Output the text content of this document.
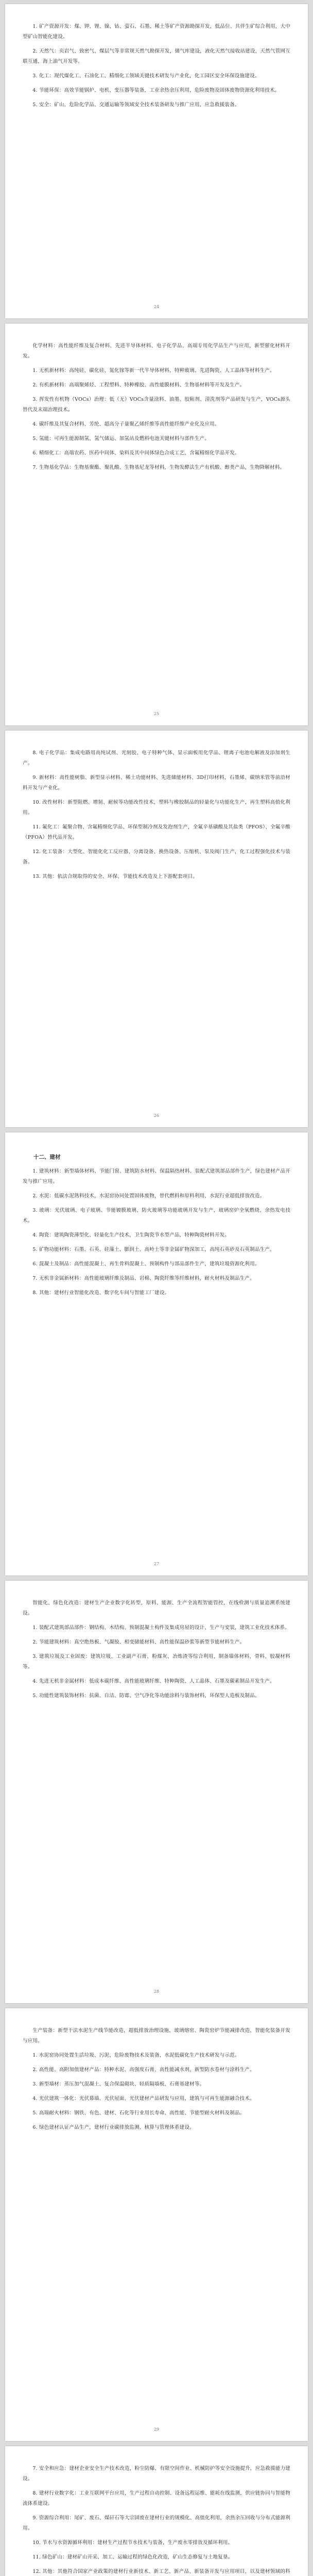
1. 矿产资源开发：煤、钾、锂、镍、钴、萤石、石墨、稀土等矿产资源勘探开发，低品位、共伴生矿综合利用，大中型矿山智能化建设。

2. 天然气：页岩气、致密气、煤层气等非常规天然气勘探开发，储气库建设，液化天然气接收站建设，天然气管网互联互通，海上油气开发等。

3. 化工：现代煤化工、石油化工、精细化工领域关键技术研发与产业化，化工园区安全环保设施建设。

4. 节能环保：高效节能锅炉、电机、变压器等装备，工业余热余压利用，危险废物及固体废物资源化利用技术。

5. 安全：矿山、危险化学品、交通运输等领域安全技术装备研发与推广应用，应急救援装备。

24

化学材料：高性能纤维及复合材料、先进半导体材料、电子化学品、高端专用化学品生产与应用，新型催化材料开发。

1. 无机新材料：高纯硅、碳化硅、氮化镓等新一代半导体材料，特种玻璃、先进陶瓷、人工晶体等材料生产。

2. 有机新材料：高端聚烯烃、工程塑料、特种橡胶、高性能膜材料、生物基材料等开发及生产。

3. 挥发性有机物（VOCs）治理：低（无）VOCs含量涂料、油墨、胶粘剂、清洗剂等产品研发与生产，VOCs源头替代及末端治理技术。

4. 碳纤维及其复合材料、芳纶、超高分子量聚乙烯纤维等高性能纤维产业化及应用。

5. 氢能：可再生能源制氢、氢气储运、加氢站及燃料电池关键材料与部件生产。

6. 精细化工：高端农药、医药中间体、染料及其中间体绿色合成工艺，含氟精细化学品开发。

7. 生物基化学品：生物基聚酯、聚乳酸、生物基尼龙等材料，生物发酵法生产有机酸、醇类产品，生物降解材料。

25

8. 电子化学品：集成电路用高纯试剂、光刻胶、电子特种气体、显示面板用化学品、锂离子电池电解液及添加剂生产。

9. 新材料：高性能树脂、新型显示材料、稀土功能材料、先进储能材料、3D打印材料，石墨烯、碳纳米管等前沿材料开发与产业化。

10. 改性材料：新型阻燃、增韧、耐候等功能改性技术，塑料与橡胶制品的轻量化与功能化生产，再生塑料高值化利用。

11. 氟化工：氟聚合物、含氟精细化学品、环保型制冷剂及发泡剂生产，全氟辛基磺酸及其盐类（PFOS）、全氟辛酸（PFOA）替代品开发。

12. 化工装备：大型化、智能化化工反应器、分离设备、换热设备、压缩机、泵及阀门生产，化工过程强化技术与装备。

13. 其他：依法合规取得的安全、环保、节能技术改造及上下游配套项目。

26

十二、建材

1. 建筑材料：新型墙体材料、节能门窗、建筑防水材料、保温隔热材料、装配式建筑部品部件生产，绿色建材产品开发与推广应用。

2. 水泥：低碳水泥熟料技术，水泥窑协同处置固体废物，替代燃料和原料利用，水泥行业超低排放改造。

3. 玻璃：光伏玻璃、电子玻璃、节能镀膜玻璃、防火玻璃等功能玻璃开发与生产，玻璃窑炉全氧燃烧、余热发电技术。

4. 陶瓷：建筑陶瓷薄型化、轻量化生产技术，卫生陶瓷节水型产品，特种陶瓷材料开发。

5. 矿物功能材料：石墨、石英、硅藻土、膨润土、高岭土等非金属矿物深加工，高纯石英砂及石英制品生产。

6. 混凝土及制品：高性能混凝土、再生骨料混凝土、预制构件与部品部件生产，建筑垃圾资源化利用。

7. 无机非金属新材料：高性能玻璃纤维及制品、岩棉、陶瓷纤维等纤维材料，耐火材料及制品生产。

8. 其他：建材行业智能化改造、数字化车间与智能工厂建设。

27

智能化、绿色化改造：建材生产企业数字化转型，原料、能源、生产全流程智能管控，在线检测与质量追溯系统建设。

1. 装配式建筑部品部件：钢结构、木结构、预制混凝土构件及集成房屋的设计、生产与安装，建筑工业化技术体系。

2. 节能建筑材料：真空绝热板、气凝胶、相变储能材料、高性能保温砂浆等新型节能材料生产。

3. 建筑垃圾及工业固废：建筑垃圾、工业副产石膏、粉煤灰、冶炼渣等综合利用，制备墙体材料、骨料、胶凝材料等。

4. 先进无机非金属材料：低成本碳纤维、高性能玻璃纤维、特种陶瓷、人工晶体、石墨及碳素制品开发生产。

5. 功能性建筑装饰材料：抗菌、自洁、防霉、空气净化等功能涂料与装饰材料，环保型人造板及制品。

28

生产装备：新型干法水泥生产线节能改造，超低排放治理设施，玻璃熔窑、陶瓷窑炉节能减排改造，智能化装备开发与应用。

1. 水泥窑协同处置生活垃圾、污泥、危险废物技术及装备，水泥低碳化生产技术研发与示范。

2. 高性能、高附加值建材产品：特种水泥、高强度石膏、高性能减水剂，新型防水卷材与涂料生产。

3. 新型墙材：蒸压加气混凝土、复合保温砌块、轻质隔墙板、石膏基建材等。

4. 光伏建筑一体化：光伏幕墙、光伏屋面、光伏建材产品研发与应用，建筑与可再生能源融合技术。

5. 高端耐火材料：钢铁、有色、建材、石化等行业用长寿命、高性能、节能型耐火材料及制品。

6. 绿色建材认证产品生产，建材行业碳排放监测、核算与管理体系建设。

29

7. 安全和应急：建材企业安全生产技术改造，粉尘防爆、有限空间作业、机械防护等安全设施提升，应急救援能力建设。

8. 建材行业数字化：工业互联网平台应用，生产过程自动控制、设备远程运维、能耗在线监测，供应链协同与智能物流体系建设。

9. 资源综合利用：尾矿、废石、煤矸石等大宗固废在建材行业的规模化、高值化利用，余热余压回收与分布式能源利用。

10. 节水与水资源循环利用：建材生产过程节水技术与装备，生产废水零排放及循环利用。

11. 绿色矿山：建材矿山开采、加工、运输过程的绿色化改造，矿山生态修复与土地复垦。

12. 其他：其他符合国家产业政策的建材行业新技术、新工艺、新产品、新装备开发与应用项目，以及建材领域的科
